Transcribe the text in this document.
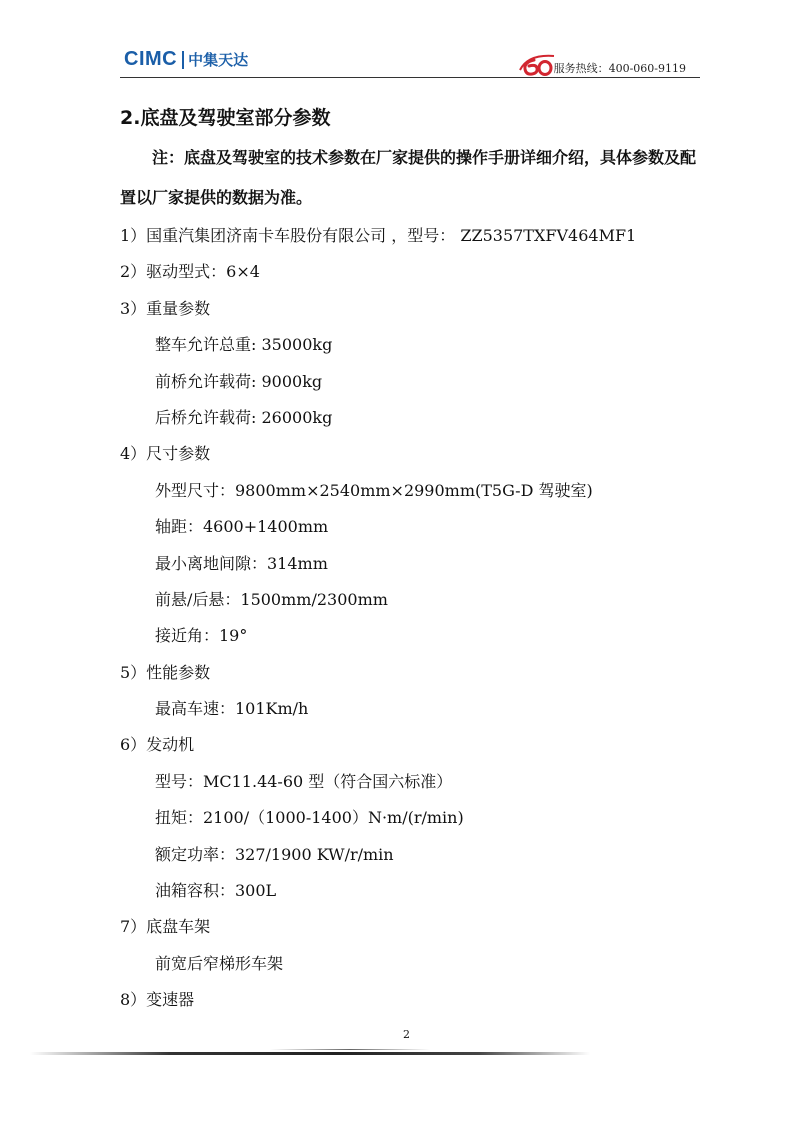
CIMC 中集天达	服务热线：400-060-9119
2.底盘及驾驶室部分参数
注：底盘及驾驶室的技术参数在厂家提供的操作手册详细介绍，具体参数及配置以厂家提供的数据为准。
1）国重汽集团济南卡车股份有限公司 ，型号： ZZ5357TXFV464MF1
2）驱动型式：6×4
3）重量参数
整车允许总重: 35000kg
前桥允许载荷: 9000kg
后桥允许载荷: 26000kg
4）尺寸参数
外型尺寸：9800mm×2540mm×2990mm(T5G-D 驾驶室)
轴距：4600+1400mm
最小离地间隙：314mm
前悬/后悬：1500mm/2300mm
接近角：19°
5）性能参数
最高车速：101Km/h
6）发动机
型号：MC11.44-60 型（符合国六标准）
扭矩：2100/（1000-1400）N·m/(r/min)
额定功率：327/1900 KW/r/min
油箱容积：300L
7）底盘车架
前宽后窄梯形车架
8）变速器
2
